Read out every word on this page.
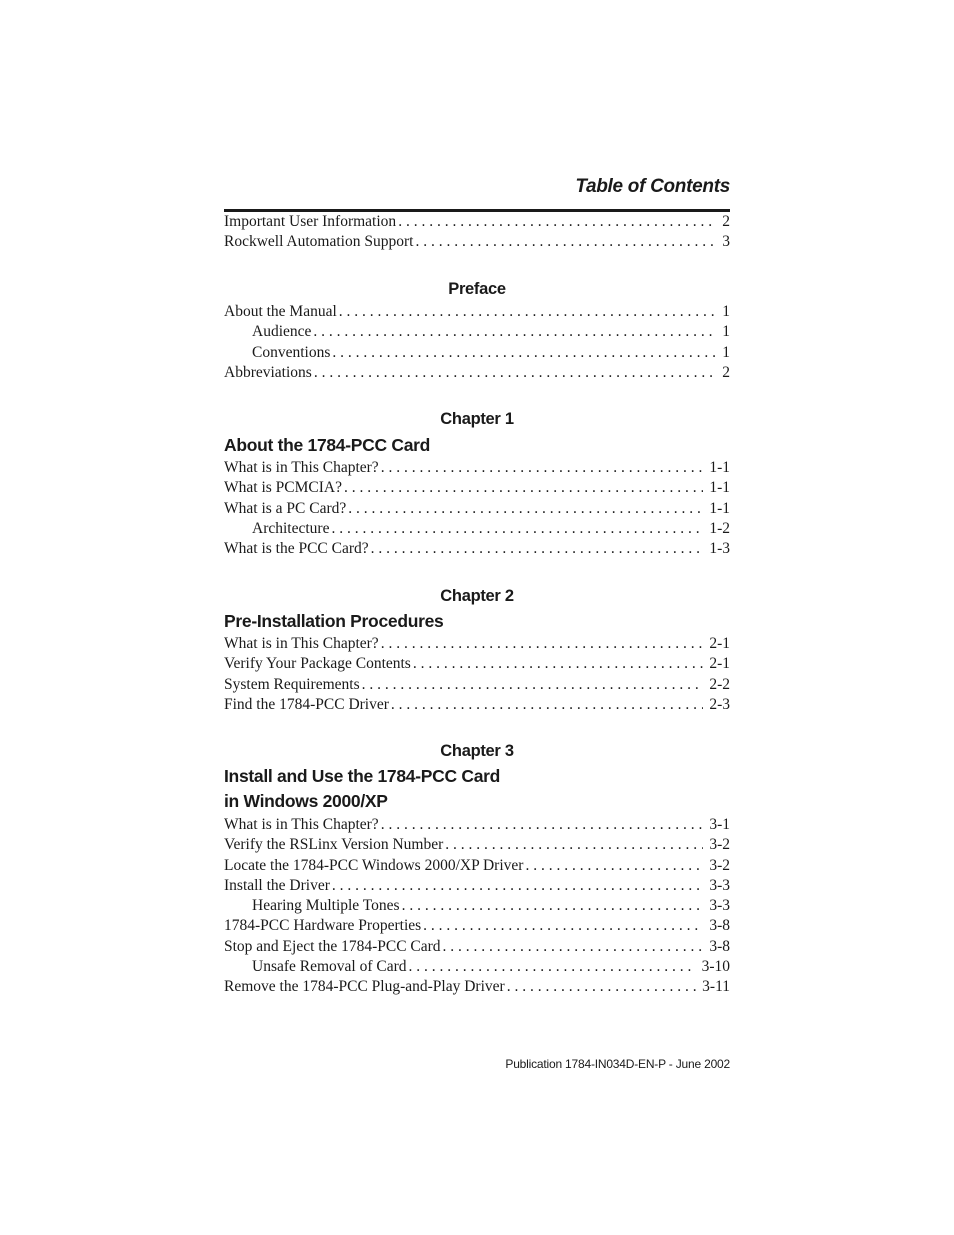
Table of Contents
Important User Information . . .	2
Rockwell Automation Support . . .	3
Preface
About the Manual . . .	1
Audience . . .	1
Conventions . . .	1
Abbreviations . . .	2
Chapter 1
About the 1784-PCC Card
What is in This Chapter? . . .	1-1
What is PCMCIA? . . .	1-1
What is a PC Card? . . .	1-1
Architecture . . .	1-2
What is the PCC Card? . . .	1-3
Chapter 2
Pre-Installation Procedures
What is in This Chapter? . . .	2-1
Verify Your Package Contents . . .	2-1
System Requirements . . .	2-2
Find the 1784-PCC Driver . . .	2-3
Chapter 3
Install and Use the 1784-PCC Card
in Windows 2000/XP
What is in This Chapter? . . .	3-1
Verify the RSLinx Version Number . . .	3-2
Locate the 1784-PCC Windows 2000/XP Driver . . .	3-2
Install the Driver . . .	3-3
Hearing Multiple Tones . . .	3-3
1784-PCC Hardware Properties . . .	3-8
Stop and Eject the 1784-PCC Card . . .	3-8
Unsafe Removal of Card . . .	3-10
Remove the 1784-PCC Plug-and-Play Driver . . .	3-11
Publication 1784-IN034D-EN-P - June 2002
